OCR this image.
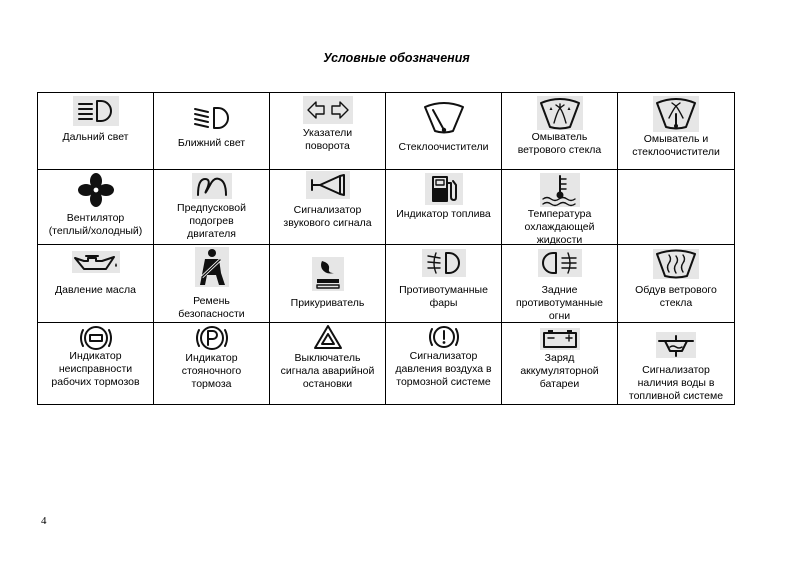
Условные обозначения
Дальний свет	Ближний свет	Указатели
поворота	Стеклоочистители	Омыватель
ветрового стекла	Омыватель и
стеклоочистители

Вентилятор
(теплый/холодный)	Предпусковой
подогрев
двигателя	Сигнализатор
звукового сигнала	Индикатор топлива	Температура
охлаждающей
жидкости	

Давление масла	Ремень
безопасности	Прикуриватель	Противотуманные
фары	Задние
противотуманные
огни	Обдув ветрового
стекла

Индикатор
неисправности
рабочих тормозов	Индикатор
стояночного
тормоза	Выключатель
сигнала аварийной
остановки	Сигнализатор
давления воздуха в
тормозной системе	Заряд
аккумуляторной
батареи	Сигнализатор
наличия воды в
топливной системе
4
